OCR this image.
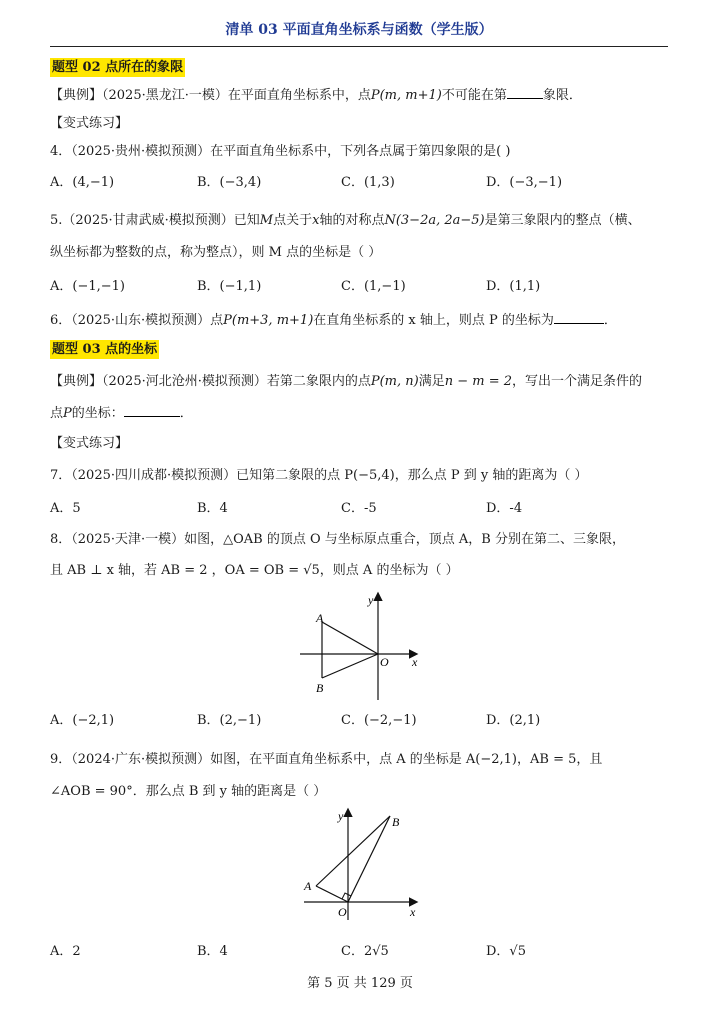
清单 03 平面直角坐标系与函数（学生版）
题型 02 点所在的象限
【典例】（2025·黑龙江·一模）在平面直角坐标系中，点P(m, m+1)不可能在第	象限．
【变式练习】
4．（2025·贵州·模拟预测）在平面直角坐标系中，下列各点属于第四象限的是( )
A．(4,−1)	B．(−3,4)	C．(1,3)	D．(−3,−1)
5.（2025·甘肃武威·模拟预测）已知M点关于x轴的对称点N(3−2a, 2a−5)是第三象限内的整点（横、
纵坐标都为整数的点，称为整点），则 M 点的坐标是（ ）
A．(−1,−1)	B．(−1,1)	C．(1,−1)	D．(1,1)
6．（2025·山东·模拟预测）点P(m+3, m+1)在直角坐标系的 x 轴上，则点 P 的坐标为	．
题型 03 点的坐标
【典例】（2025·河北沧州·模拟预测）若第二象限内的点P(m, n)满足n − m = 2，写出一个满足条件的
点P的坐标：	．
【变式练习】
7．（2025·四川成都·模拟预测）已知第二象限的点 P(−5,4)，那么点 P 到 y 轴的距离为（ ）
A．5	B．4	C．-5	D．-4
8．（2025·天津·一模）如图，△OAB 的顶点 O 与坐标原点重合，顶点 A，B 分别在第二、三象限，
且 AB ⊥ x 轴，若 AB = 2 ，OA = OB = √5，则点 A 的坐标为（ ）
y
x
O
A
B
A．(−2,1)	B．(2,−1)	C．(−2,−1)	D．(2,1)
9．（2024·广东·模拟预测）如图，在平面直角坐标系中，点 A 的坐标是 A(−2,1)，AB = 5，且
∠AOB = 90°．那么点 B 到 y 轴的距离是（ ）
y
x
O
A
B
A．2	B．4	C．2√5	D．√5
第 5 页 共 129 页
